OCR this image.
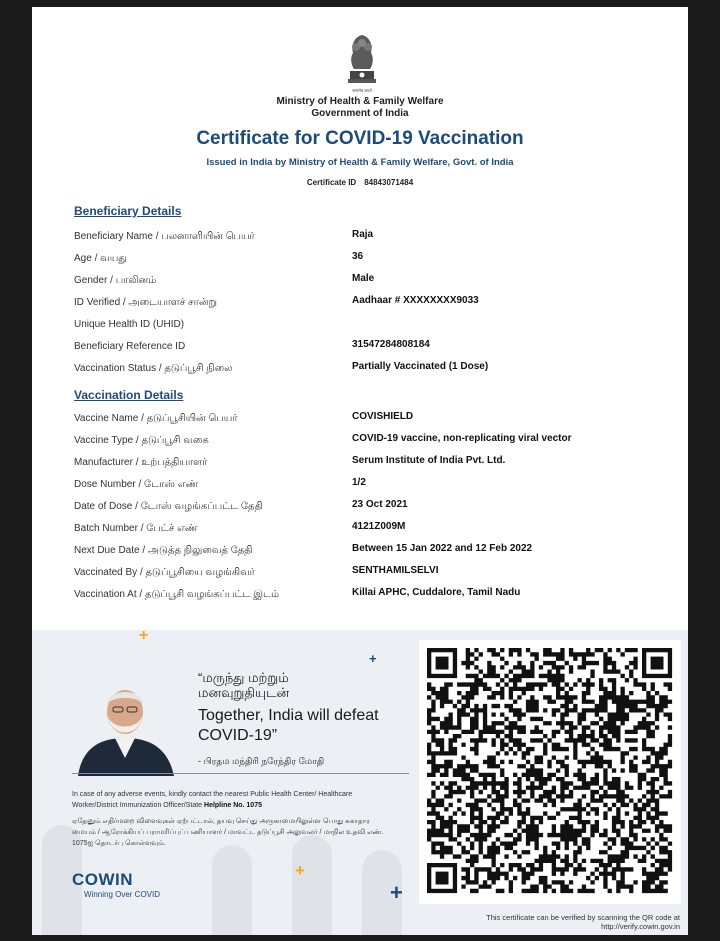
सत्यमेव जयते
Ministry of Health & Family Welfare
Government of India
Certificate for COVID-19 Vaccination
Issued in India by Ministry of Health & Family Welfare, Govt. of India
Certificate ID 84843071484
Beneficiary Details
Beneficiary Name / பலனாளியின் பெயர்	Raja
Age / வயது	36
Gender / பாலினம்	Male
ID Verified / அடையாளச் சான்று	Aadhaar # XXXXXXXX9033
Unique Health ID (UHID)
Beneficiary Reference ID	31547284808184
Vaccination Status / தடுப்பூசி நிலை	Partially Vaccinated (1 Dose)
Vaccination Details
Vaccine Name / தடுப்பூசியின் பெயர்	COVISHIELD
Vaccine Type / தடுப்பூசி வகை	COVID-19 vaccine, non-replicating viral vector
Manufacturer / உற்பத்தியாளர்	Serum Institute of India Pvt. Ltd.
Dose Number / டோஸ் எண்	1/2
Date of Dose / டோஸ் வழங்கப்பட்ட தேதி	23 Oct 2021
Batch Number / பேட்ச் எண்	4121Z009M
Next Due Date / அடுத்த நிலுவைத் தேதி	Between 15 Jan 2022 and 12 Feb 2022
Vaccinated By / தடுப்பூசியை வழங்கிவர்	SENTHAMILSELVI
Vaccination At / தடுப்பூசி வழங்கப்பட்ட இடம்	Killai APHC, Cuddalore, Tamil Nadu
+
+
+
+
“மருந்து மற்றும்
மனவுறுதியுடன்
Together, India will defeat
COVID-19”
- பிரதம மந்திரி நரேந்திர மோதி
In case of any adverse events, kindly contact the nearest Public Health Center/ Healthcare Worker/District Immunization Officer/State Helpline No. 1075
ஏதேனும் எதிர்மறை விளைவுகள் ஏற்பட்டால், தயவு செய்து அருகாமையிலுள்ள பொது சுகாதார மையம் / ஆரோக்கியப் பராமரிப்புப் பணியாளர் / மாவட்ட தடுப்பூசி அலுவலர் / மாநில உதவி எண். 1075ஐ தொடர்பு கொள்ளவும்.
COWIN
Winning Over COVID
This certificate can be verified by scanning the QR code at http://verify.cowin.gov.in
